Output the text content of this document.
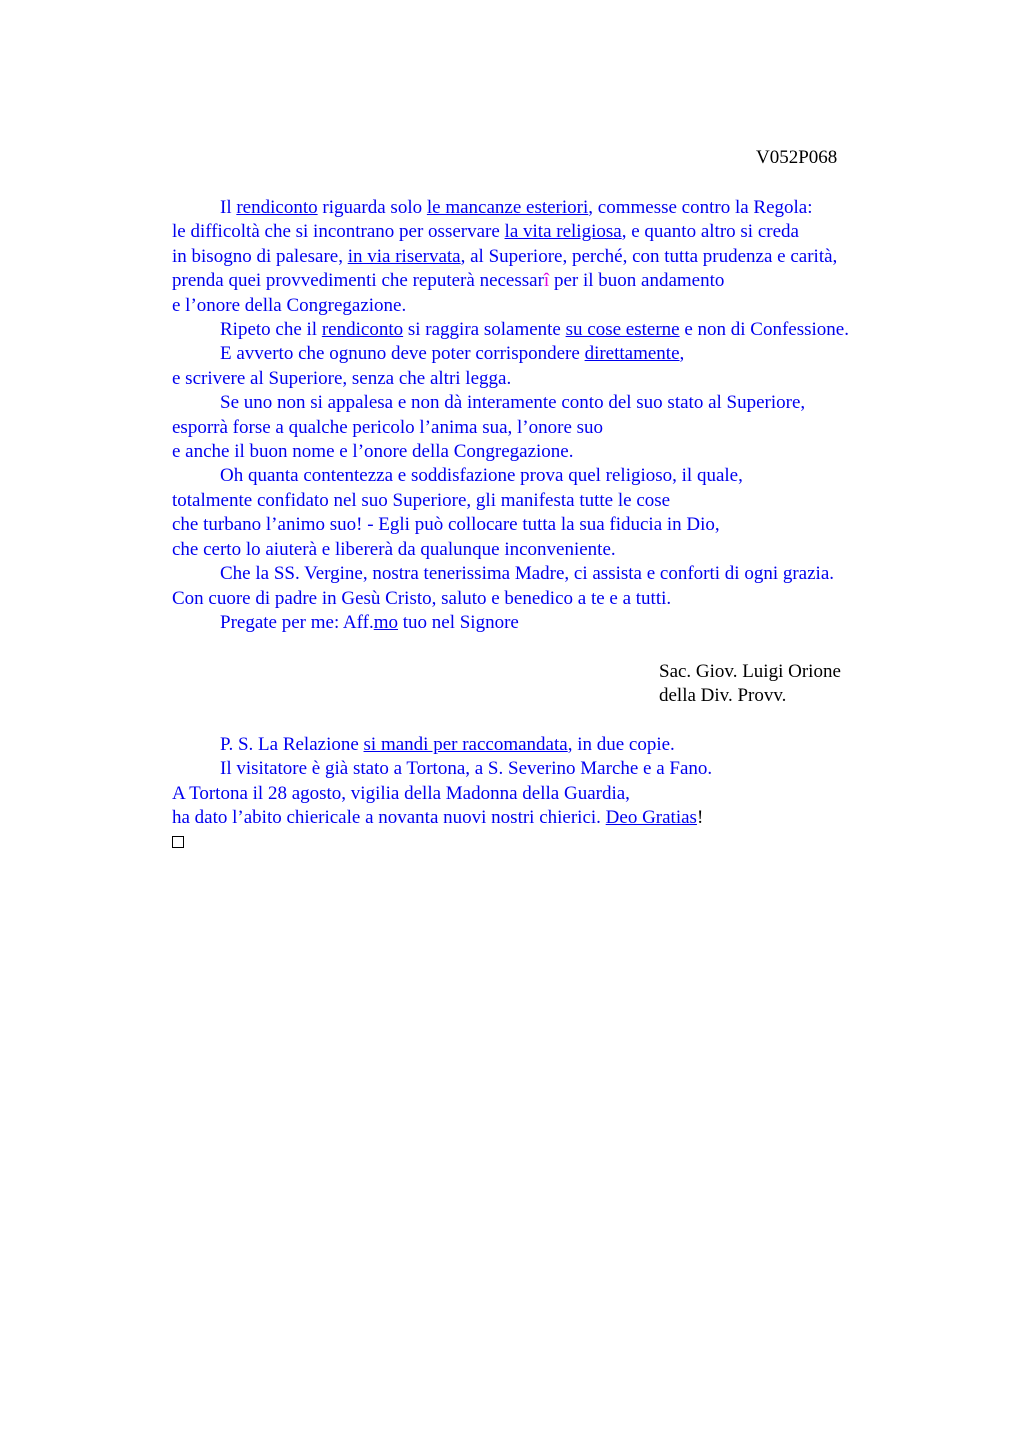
V052P068
Il rendiconto riguarda solo le mancanze esteriori, commesse contro la Regola:
le difficoltà che si incontrano per osservare la vita religiosa, e quanto altro si creda
in bisogno di palesare, in via riservata, al Superiore, perché, con tutta prudenza e carità,
prenda quei provvedimenti che reputerà necessarî per il buon andamento
e l’onore della Congregazione.
Ripeto che il rendiconto si raggira solamente su cose esterne e non di Confessione.
E avverto che ognuno deve poter corrispondere direttamente,
e scrivere al Superiore, senza che altri legga.
Se uno non si appalesa e non dà interamente conto del suo stato al Superiore,
esporrà forse a qualche pericolo l’anima sua, l’onore suo
e anche il buon nome e l’onore della Congregazione.
Oh quanta contentezza e soddisfazione prova quel religioso, il quale,
totalmente confidato nel suo Superiore, gli manifesta tutte le cose
che turbano l’animo suo! - Egli può collocare tutta la sua fiducia in Dio,
che certo lo aiuterà e libererà da qualunque inconveniente.
Che la SS. Vergine, nostra tenerissima Madre, ci assista e conforti di ogni grazia.
Con cuore di padre in Gesù Cristo, saluto e benedico a te e a tutti.
Pregate per me: Aff.mo tuo nel Signore
Sac. Giov. Luigi Orione
della Div. Provv.
P. S. La Relazione si mandi per raccomandata, in due copie.
Il visitatore è già stato a Tortona, a S. Severino Marche e a Fano.
A Tortona il 28 agosto, vigilia della Madonna della Guardia,
ha dato l’abito chiericale a novanta nuovi nostri chierici. Deo Gratias!
